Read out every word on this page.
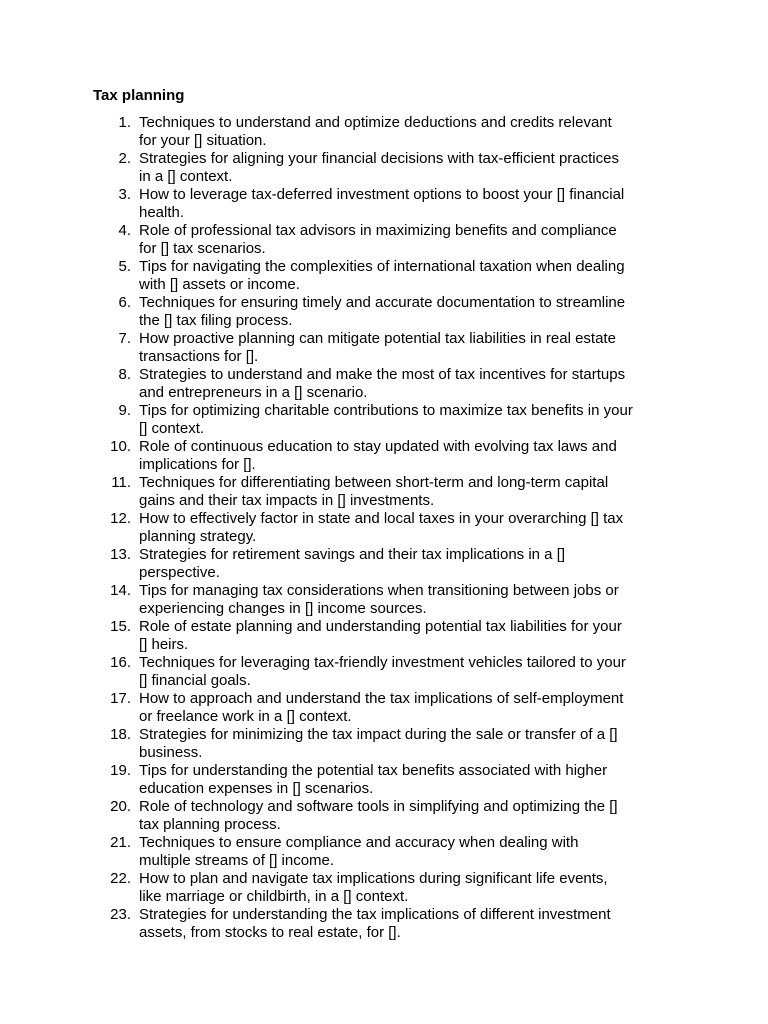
Tax planning
1. Techniques to understand and optimize deductions and credits relevant for your [] situation.
2. Strategies for aligning your financial decisions with tax-efficient practices in a [] context.
3. How to leverage tax-deferred investment options to boost your [] financial health.
4. Role of professional tax advisors in maximizing benefits and compliance for [] tax scenarios.
5. Tips for navigating the complexities of international taxation when dealing with [] assets or income.
6. Techniques for ensuring timely and accurate documentation to streamline the [] tax filing process.
7. How proactive planning can mitigate potential tax liabilities in real estate transactions for [].
8. Strategies to understand and make the most of tax incentives for startups and entrepreneurs in a [] scenario.
9. Tips for optimizing charitable contributions to maximize tax benefits in your [] context.
10. Role of continuous education to stay updated with evolving tax laws and implications for [].
11. Techniques for differentiating between short-term and long-term capital gains and their tax impacts in [] investments.
12. How to effectively factor in state and local taxes in your overarching [] tax planning strategy.
13. Strategies for retirement savings and their tax implications in a [] perspective.
14. Tips for managing tax considerations when transitioning between jobs or experiencing changes in [] income sources.
15. Role of estate planning and understanding potential tax liabilities for your [] heirs.
16. Techniques for leveraging tax-friendly investment vehicles tailored to your [] financial goals.
17. How to approach and understand the tax implications of self-employment or freelance work in a [] context.
18. Strategies for minimizing the tax impact during the sale or transfer of a [] business.
19. Tips for understanding the potential tax benefits associated with higher education expenses in [] scenarios.
20. Role of technology and software tools in simplifying and optimizing the [] tax planning process.
21. Techniques to ensure compliance and accuracy when dealing with multiple streams of [] income.
22. How to plan and navigate tax implications during significant life events, like marriage or childbirth, in a [] context.
23. Strategies for understanding the tax implications of different investment assets, from stocks to real estate, for [].
